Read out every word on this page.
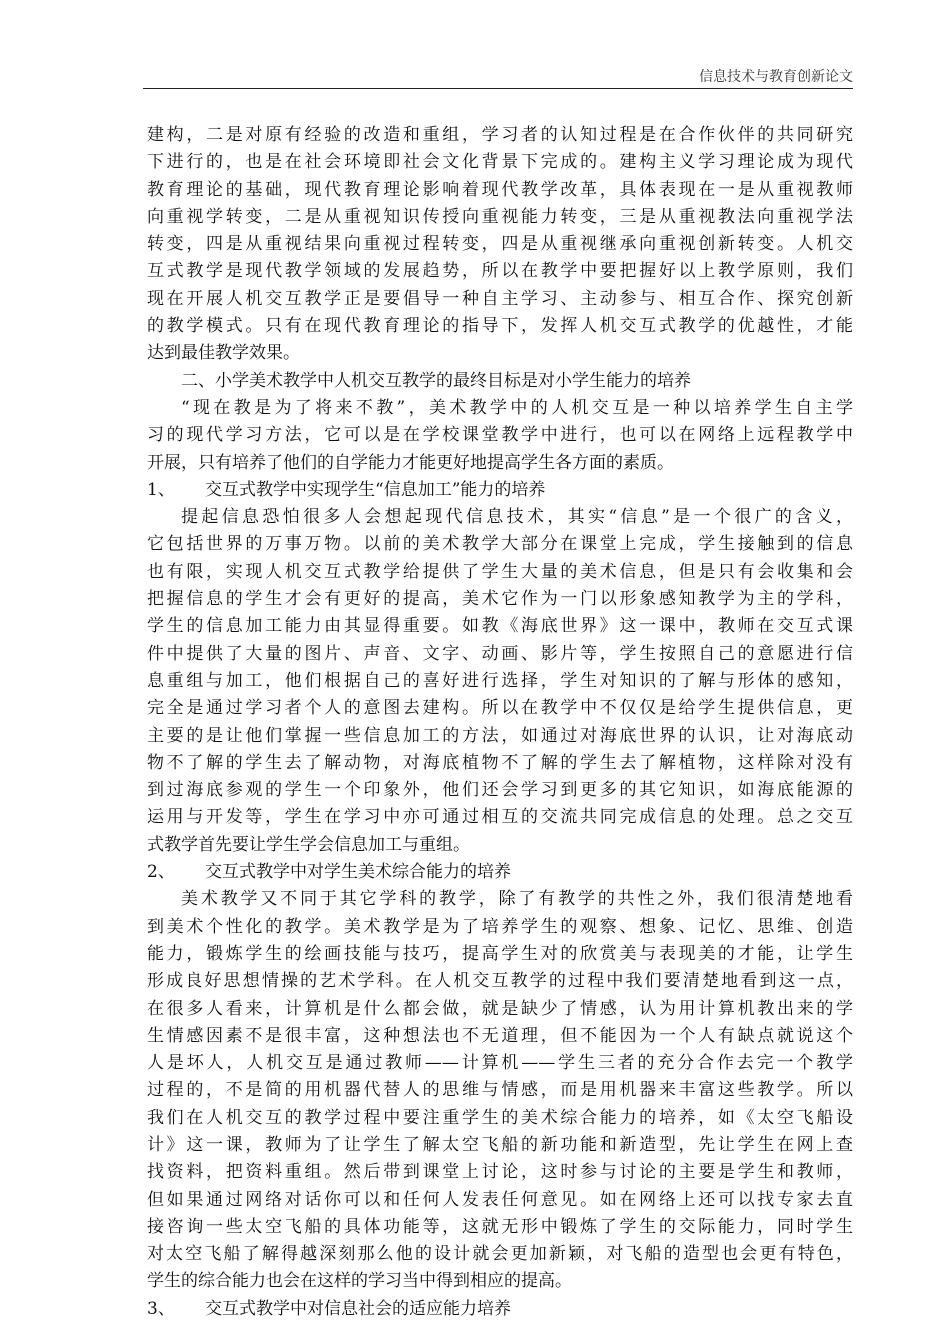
信息技术与教育创新论文
建构，二是对原有经验的改造和重组，学习者的认知过程是在合作伙伴的共同研究
下进行的，也是在社会环境即社会文化背景下完成的。建构主义学习理论成为现代
教育理论的基础，现代教育理论影响着现代教学改革，具体表现在一是从重视教师
向重视学转变，二是从重视知识传授向重视能力转变，三是从重视教法向重视学法
转变，四是从重视结果向重视过程转变，四是从重视继承向重视创新转变。人机交
互式教学是现代教学领域的发展趋势，所以在教学中要把握好以上教学原则，我们
现在开展人机交互教学正是要倡导一种自主学习、主动参与、相互合作、探究创新
的教学模式。只有在现代教育理论的指导下，发挥人机交互式教学的优越性，才能
达到最佳教学效果。
二、小学美术教学中人机交互教学的最终目标是对小学生能力的培养
“现在教是为了将来不教”，美术教学中的人机交互是一种以培养学生自主学
习的现代学习方法，它可以是在学校课堂教学中进行，也可以在网络上远程教学中
开展，只有培养了他们的自学能力才能更好地提高学生各方面的素质。
1、 交互式教学中实现学生“信息加工”能力的培养
提起信息恐怕很多人会想起现代信息技术，其实“信息”是一个很广的含义，
它包括世界的万事万物。以前的美术教学大部分在课堂上完成，学生接触到的信息
也有限，实现人机交互式教学给提供了学生大量的美术信息，但是只有会收集和会
把握信息的学生才会有更好的提高，美术它作为一门以形象感知教学为主的学科，
学生的信息加工能力由其显得重要。如教《海底世界》这一课中，教师在交互式课
件中提供了大量的图片、声音、文字、动画、影片等，学生按照自己的意愿进行信
息重组与加工，他们根据自己的喜好进行选择，学生对知识的了解与形体的感知，
完全是通过学习者个人的意图去建构。所以在教学中不仅仅是给学生提供信息，更
主要的是让他们掌握一些信息加工的方法，如通过对海底世界的认识，让对海底动
物不了解的学生去了解动物，对海底植物不了解的学生去了解植物，这样除对没有
到过海底参观的学生一个印象外，他们还会学习到更多的其它知识，如海底能源的
运用与开发等，学生在学习中亦可通过相互的交流共同完成信息的处理。总之交互
式教学首先要让学生学会信息加工与重组。
2、 交互式教学中对学生美术综合能力的培养
美术教学又不同于其它学科的教学，除了有教学的共性之外，我们很清楚地看
到美术个性化的教学。美术教学是为了培养学生的观察、想象、记忆、思维、创造
能力，锻炼学生的绘画技能与技巧，提高学生对的欣赏美与表现美的才能，让学生
形成良好思想情操的艺术学科。在人机交互教学的过程中我们要清楚地看到这一点，
在很多人看来，计算机是什么都会做，就是缺少了情感，认为用计算机教出来的学
生情感因素不是很丰富，这种想法也不无道理，但不能因为一个人有缺点就说这个
人是坏人，人机交互是通过教师——计算机——学生三者的充分合作去完一个教学
过程的，不是简的用机器代替人的思维与情感，而是用机器来丰富这些教学。所以
我们在人机交互的教学过程中要注重学生的美术综合能力的培养，如《太空飞船设
计》这一课，教师为了让学生了解太空飞船的新功能和新造型，先让学生在网上查
找资料，把资料重组。然后带到课堂上讨论，这时参与讨论的主要是学生和教师，
但如果通过网络对话你可以和任何人发表任何意见。如在网络上还可以找专家去直
接咨询一些太空飞船的具体功能等，这就无形中锻炼了学生的交际能力，同时学生
对太空飞船了解得越深刻那么他的设计就会更加新颖，对飞船的造型也会更有特色，
学生的综合能力也会在这样的学习当中得到相应的提高。
3、 交互式教学中对信息社会的适应能力培养
